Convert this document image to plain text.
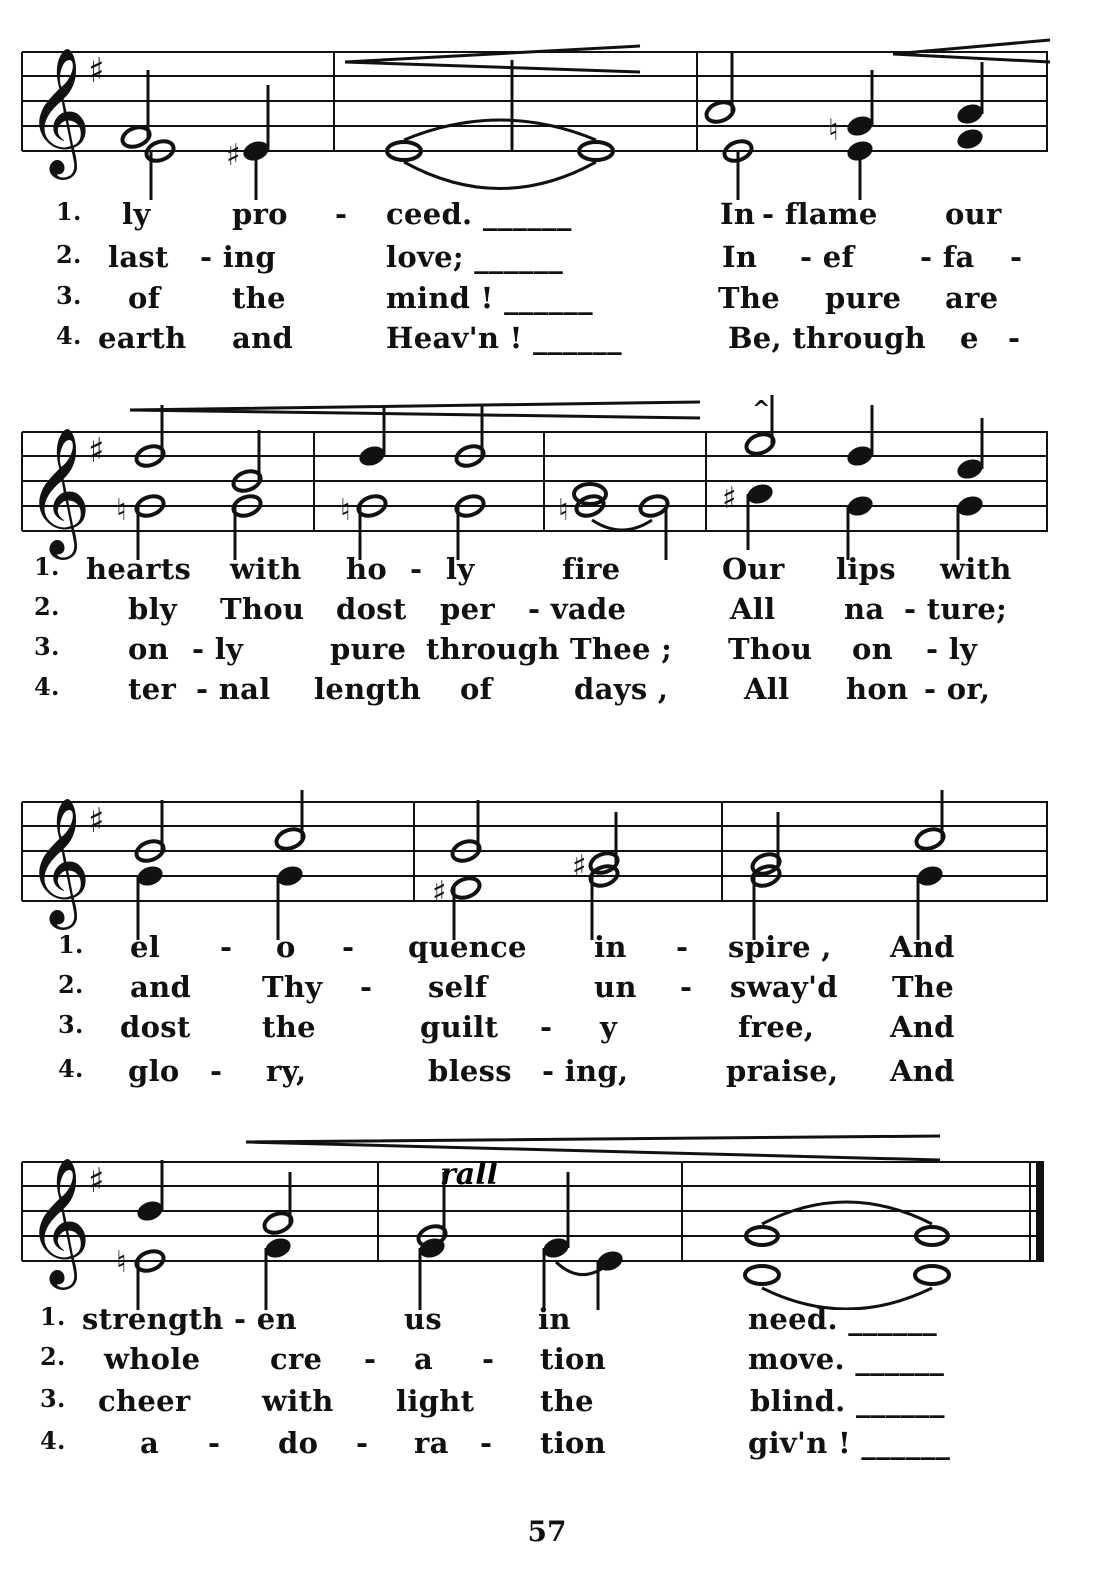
𝄞
♯
♯
♮
1. ly	pro - ceed. ______	In - flame our
2. last - ing	love; ______	In - ef - fa -
3. of the	mind ! ______	The pure are
4. earth and	Heav'n ! ______	Be, through e -
𝄞
♯
^
♮	♮	♮	♯
1. hearts with ho - ly	fire	Our lips with
2. bly Thou dost per - vade	All na - ture;
3. on - ly	pure through Thee ; Thou on - ly
4. ter - nal length of	days ,	All hon - or,
𝄞
♯
♯
♯
1. el - o - quence in - spire , And
2. and Thy - self	un - sway'd The
3. dost the	guilt - y	free,	And
4. glo - ry,	bless - ing,	praise, And
𝄞
♯	rall
♮
1. strength - en	us	in	need. ______
2. whole cre - a - tion	move. ______
3. cheer with light the	blind. ______
4.	a - do - ra - tion	giv'n ! ______
57
